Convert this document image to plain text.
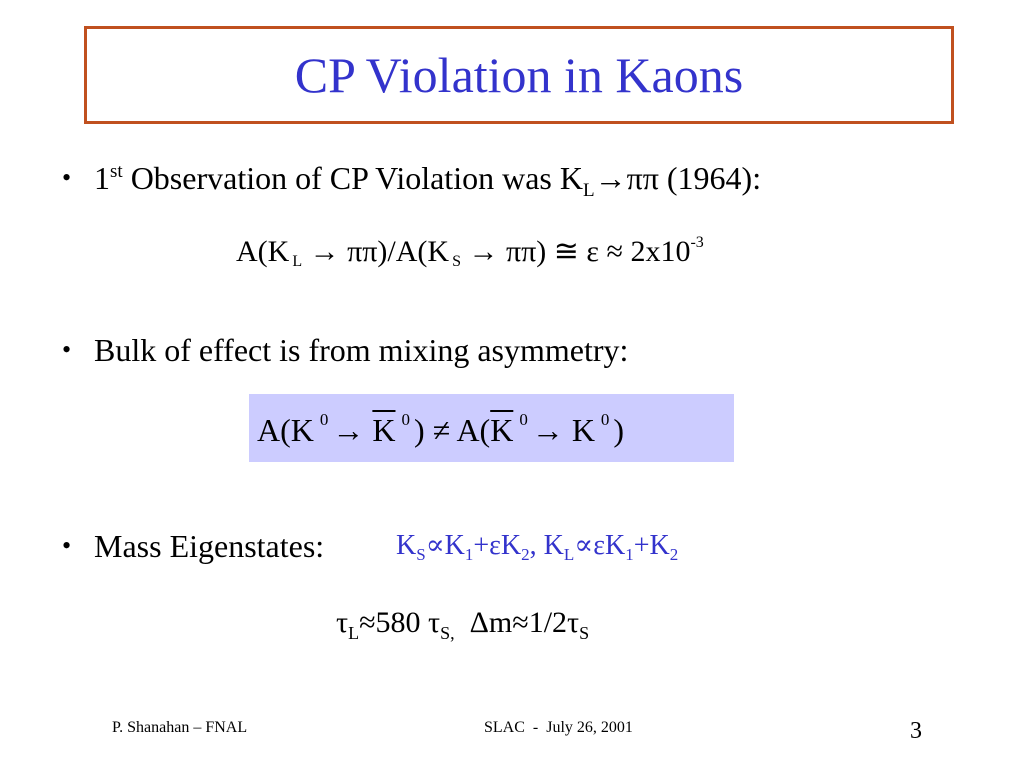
CP Violation in Kaons
• 1st Observation of CP Violation was $K_L\to\pi\pi$ (1964):
A(K $_L$ → ππ)/A(K $_S$ → ππ) ≅ $\varepsilon \approx 2x10^{-3}$
• Bulk of effect is from mixing asymmetry:
A(K $^0 \to \overline{K}$ $^0$ ) ≠ $A(\overline{K}$ $^0$ → K $^0$ )
• Mass Eigenstates:	$K_S\propto K_1+\varepsilon K_2$, $K_L\propto\varepsilon K_1+K_2$
$\tau_L\approx 580$ $\tau_{S,}$  $\Delta m\approx 1/2\tau_S$
P. Shanahan – FNAL	SLAC  -  July 26, 2001	3
